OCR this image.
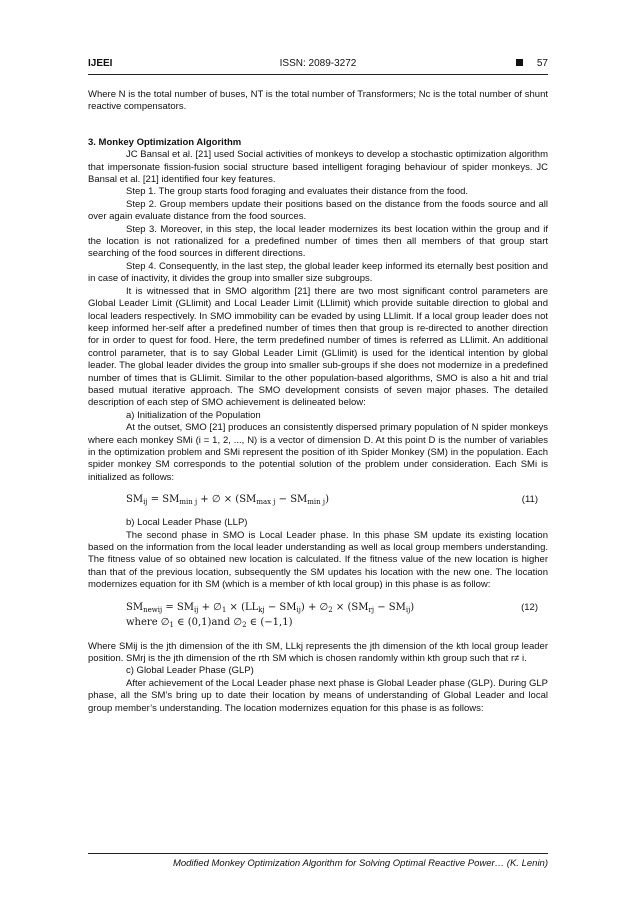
IJEEI	ISSN: 2089-3272	57

Where N is the total number of buses, NT is the total number of Transformers; Nc is the total number of shunt reactive compensators.

3. Monkey Optimization Algorithm

JC Bansal et al. [21] used Social activities of monkeys to develop a stochastic optimization algorithm that impersonate fission-fusion social structure based intelligent foraging behaviour of spider monkeys. JC Bansal et al. [21] identified four key features.

Step 1. The group starts food foraging and evaluates their distance from the food.

Step 2. Group members update their positions based on the distance from the foods source and all over again evaluate distance from the food sources.

Step 3. Moreover, in this step, the local leader modernizes its best location within the group and if the location is not rationalized for a predefined number of times then all members of that group start searching of the food sources in different directions.

Step 4. Consequently, in the last step, the global leader keep informed its eternally best position and in case of inactivity, it divides the group into smaller size subgroups.

It is witnessed that in SMO algorithm [21] there are two most significant control parameters are Global Leader Limit (GLlimit) and Local Leader Limit (LLlimit) which provide suitable direction to global and local leaders respectively. In SMO immobility can be evaded by using LLlimit. If a local group leader does not keep informed her-self after a predefined number of times then that group is re-directed to another direction for in order to quest for food. Here, the term predefined number of times is referred as LLlimit. An additional control parameter, that is to say Global Leader Limit (GLlimit) is used for the identical intention by global leader. The global leader divides the group into smaller sub-groups if she does not modernize in a predefined number of times that is GLlimit. Similar to the other population-based algorithms, SMO is also a hit and trial based mutual iterative approach. The SMO development consists of seven major phases. The detailed description of each step of SMO achievement is delineated below:

a) Initialization of the Population

At the outset, SMO [21] produces an consistently dispersed primary population of N spider monkeys where each monkey SMi (i = 1, 2, ..., N) is a vector of dimension D. At this point D is the number of variables in the optimization problem and SMi represent the position of ith Spider Monkey (SM) in the population. Each spider monkey SM corresponds to the potential solution of the problem under consideration. Each SMi is initialized as follows:

$SM_{ij} = SM_{min j}$ + ∅ × $(SM_{max j} - SM_{min j})$	(11)

b) Local Leader Phase (LLP)

The second phase in SMO is Local Leader phase. In this phase SM update its existing location based on the information from the local leader understanding as well as local group members understanding. The fitness value of so obtained new location is calculated. If the fitness value of the new location is higher than that of the previous location, subsequently the SM updates his location with the new one. The location modernizes equation for ith SM (which is a member of kth local group) in this phase is as follow:

$SM_{newij} = SM_{ij}$ + $\emptyset_1 \times (LL_{kj} - SM_{ij})$ + $\emptyset_2 \times (SM_{rj} - SM_{ij})$
where $\emptyset_1$ ∈ (0,1)and $\emptyset_2$ ∈ (−1,1)
(12)

Where SMij is the jth dimension of the ith SM, LLkj represents the jth dimension of the kth local group leader position. SMrj is the jth dimension of the rth SM which is chosen randomly within kth group such that r≠ i.

c) Global Leader Phase (GLP)

After achievement of the Local Leader phase next phase is Global Leader phase (GLP). During GLP phase, all the SM’s bring up to date their location by means of understanding of Global Leader and local group member’s understanding. The location modernizes equation for this phase is as follows:

Modified Monkey Optimization Algorithm for Solving Optimal Reactive Power… (K. Lenin)
